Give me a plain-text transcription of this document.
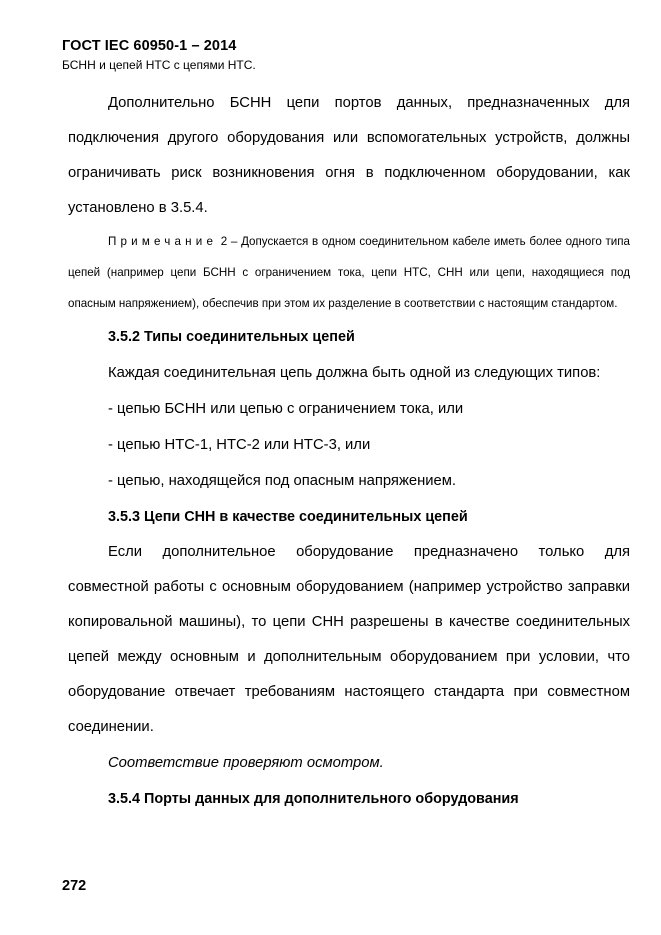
ГОСТ IEC 60950-1 – 2014
БСНН и цепей НТС с цепями НТС.

Дополнительно БСНН цепи портов данных, предназначенных для подключения другого оборудования или вспомогательных устройств, должны ограничивать риск возникновения огня в подключенном оборудовании, как установлено в 3.5.4.

Примечание 2 – Допускается в одном соединительном кабеле иметь более одного типа цепей (например цепи БСНН с ограничением тока, цепи НТС, СНН или цепи, находящиеся под опасным напряжением), обеспечив при этом их разделение в соответствии с настоящим стандартом.

3.5.2 Типы соединительных цепей

Каждая соединительная цепь должна быть одной из следующих типов:

- цепью БСНН или цепью с ограничением тока, или

- цепью НТС-1, НТС-2 или НТС-3, или

- цепью, находящейся под опасным напряжением.

3.5.3 Цепи СНН в качестве соединительных цепей

Если дополнительное оборудование предназначено только для совместной работы с основным оборудованием (например устройство заправки копировальной машины), то цепи СНН разрешены в качестве соединительных цепей между основным и дополнительным оборудованием при условии, что оборудование отвечает требованиям настоящего стандарта при совместном соединении.

Соответствие проверяют осмотром.

3.5.4 Порты данных для дополнительного оборудования

272
